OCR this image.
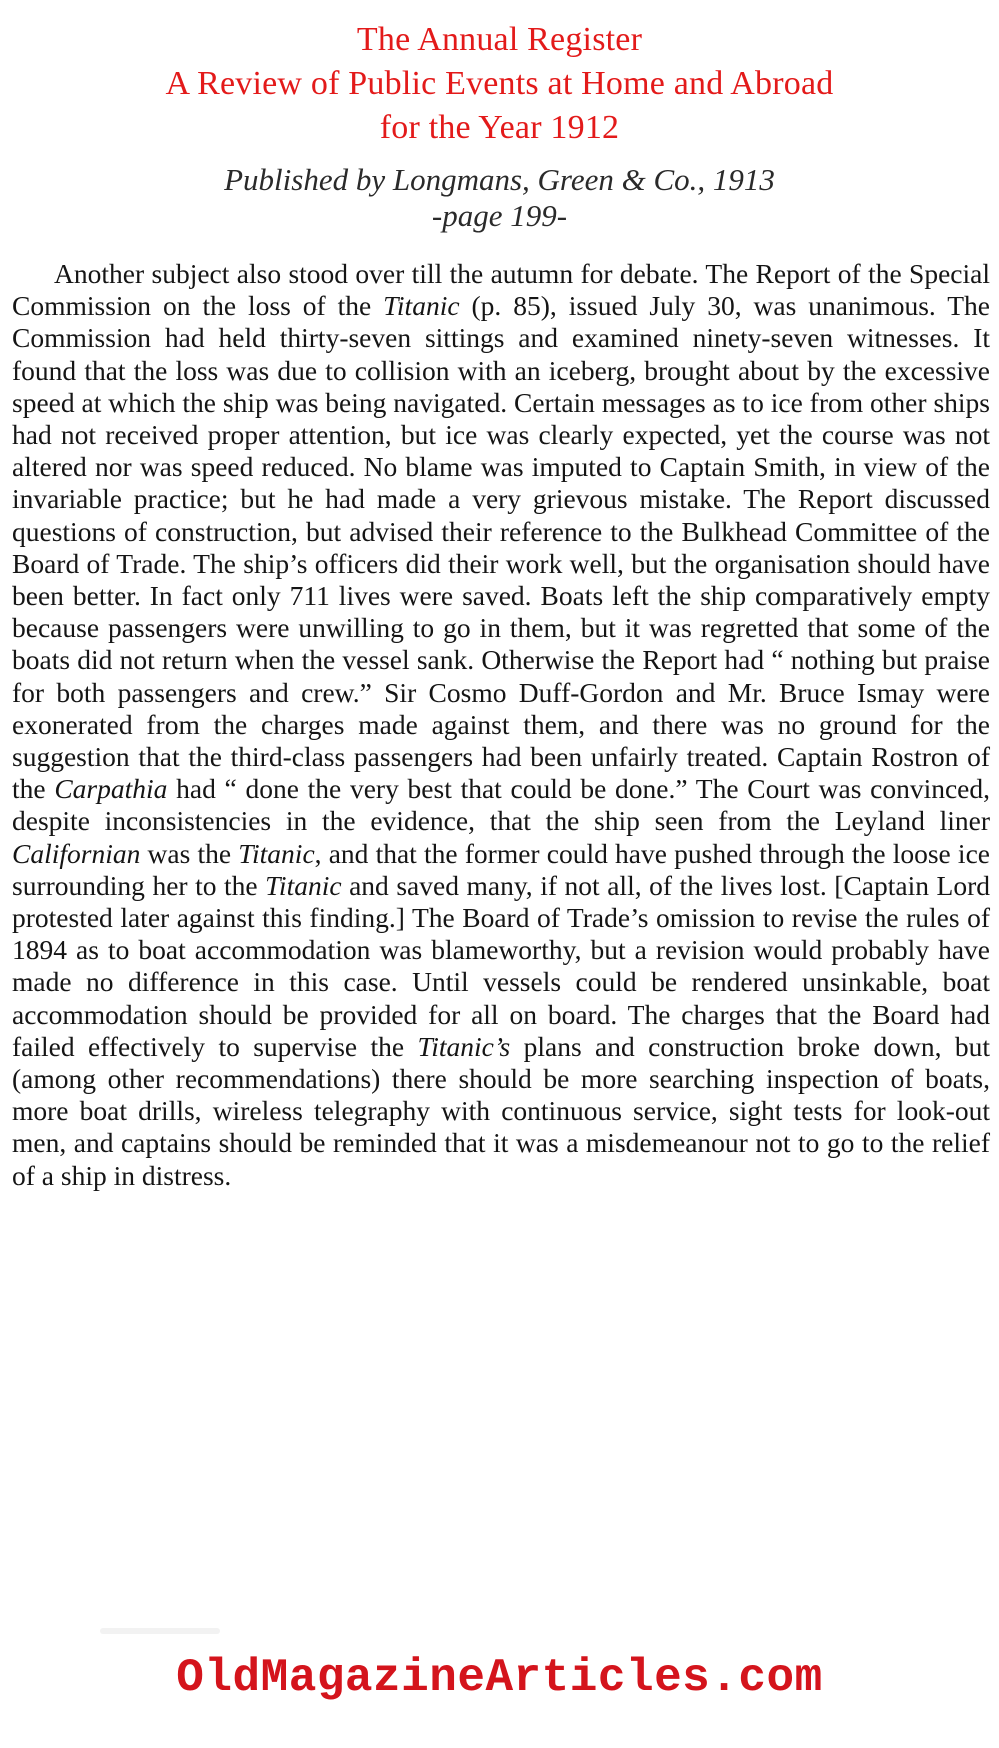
The Annual Register
A Review of Public Events at Home and Abroad
for the Year 1912
Published by Longmans, Green & Co., 1913
-page 199-

Another subject also stood over till the autumn for debate. The Report of the Special Commission on the loss of the Titanic (p. 85), issued July 30, was unanimous. The Commission had held thirty-seven sittings and examined ninety-seven witnesses. It found that the loss was due to collision with an iceberg, brought about by the excessive speed at which the ship was being navigated. Certain messages as to ice from other ships had not received proper attention, but ice was clearly expected, yet the course was not altered nor was speed reduced. No blame was imputed to Captain Smith, in view of the invariable practice; but he had made a very grievous mistake. The Report discussed questions of construction, but advised their reference to the Bulkhead Committee of the Board of Trade. The ship’s officers did their work well, but the organisation should have been better. In fact only 711 lives were saved. Boats left the ship comparatively empty because passengers were unwilling to go in them, but it was regretted that some of the boats did not return when the vessel sank. Otherwise the Report had “ nothing but praise for both passengers and crew.” Sir Cosmo Duff-Gordon and Mr. Bruce Ismay were exonerated from the charges made against them, and there was no ground for the suggestion that the third-class passengers had been unfairly treated. Captain Rostron of the Carpathia had “ done the very best that could be done.” The Court was convinced, despite inconsistencies in the evidence, that the ship seen from the Leyland liner Californian was the Titanic, and that the former could have pushed through the loose ice surrounding her to the Titanic and saved many, if not all, of the lives lost. [Captain Lord protested later against this finding.] The Board of Trade’s omission to revise the rules of 1894 as to boat accommodation was blameworthy, but a revision would probably have made no difference in this case. Until vessels could be rendered unsinkable, boat accommodation should be provided for all on board. The charges that the Board had failed effectively to supervise the Titanic’s plans and construction broke down, but (among other recommendations) there should be more searching inspection of boats, more boat drills, wireless telegraphy with continuous service, sight tests for look-out men, and captains should be reminded that it was a misdemeanour not to go to the relief of a ship in distress.

OldMagazineArticles.com
